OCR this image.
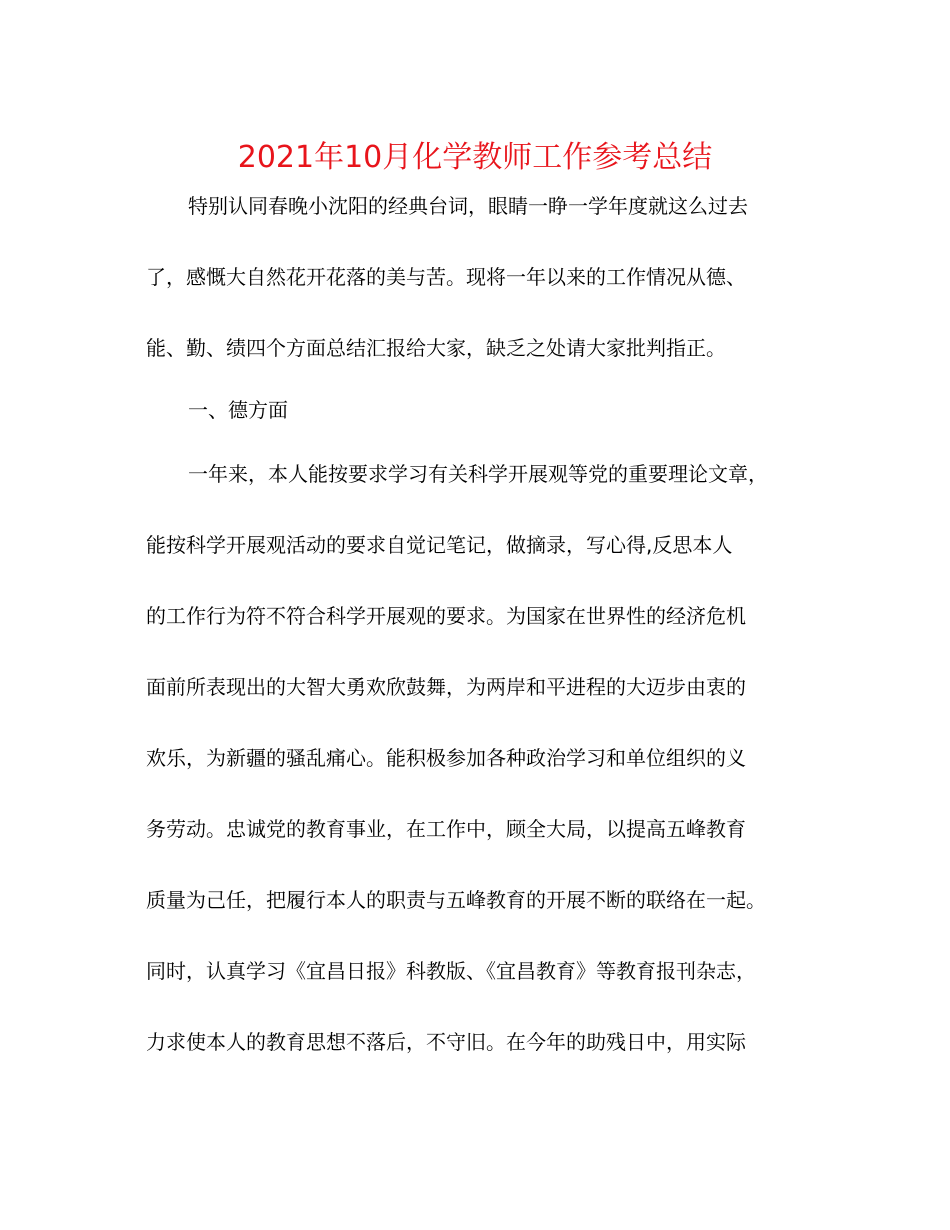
2021年10月化学教师工作参考总结

特别认同春晚小沈阳的经典台词，眼睛一睁一学年度就这么过去

了，感慨大自然花开花落的美与苦。现将一年以来的工作情况从德、

能、勤、绩四个方面总结汇报给大家，缺乏之处请大家批判指正。

一、德方面

一年来，本人能按要求学习有关科学开展观等党的重要理论文章，

能按科学开展观活动的要求自觉记笔记，做摘录，写心得,反思本人

的工作行为符不符合科学开展观的要求。为国家在世界性的经济危机

面前所表现出的大智大勇欢欣鼓舞，为两岸和平进程的大迈步由衷的

欢乐，为新疆的骚乱痛心。能积极参加各种政治学习和单位组织的义

务劳动。忠诚党的教育事业，在工作中，顾全大局，以提高五峰教育

质量为己任，把履行本人的职责与五峰教育的开展不断的联络在一起。

同时，认真学习《宜昌日报》科教版、《宜昌教育》等教育报刊杂志，

力求使本人的教育思想不落后，不守旧。在今年的助残日中，用实际
